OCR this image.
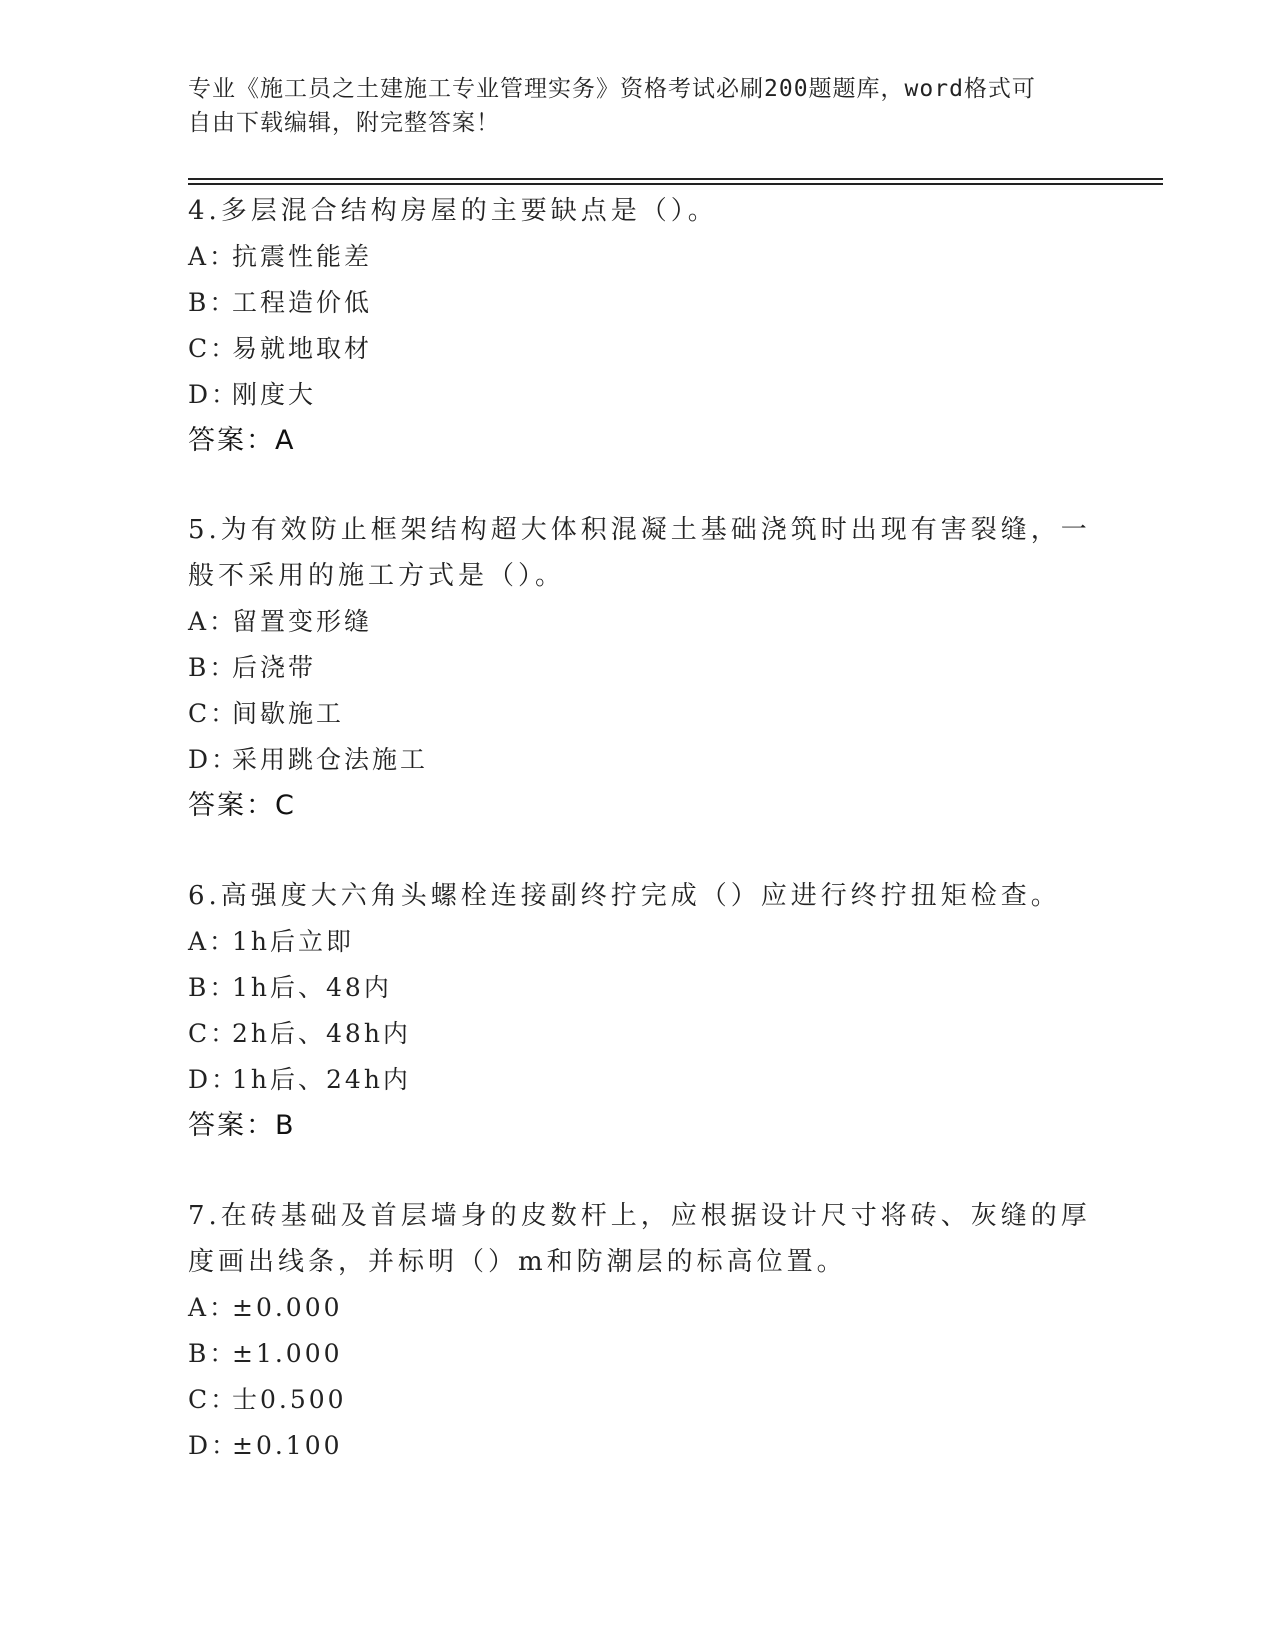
专业《施工员之土建施工专业管理实务》资格考试必刷200题题库，word格式可
自由下载编辑，附完整答案！

4.多层混合结构房屋的主要缺点是（）。

A：抗震性能差

B：工程造价低

C：易就地取材

D：刚度大

答案：A

5.为有效防止框架结构超大体积混凝土基础浇筑时出现有害裂缝，一

般不采用的施工方式是（）。

A：留置变形缝

B：后浇带

C：间歇施工

D：采用跳仓法施工

答案：C

6.高强度大六角头螺栓连接副终拧完成（）应进行终拧扭矩检查。

A：1h后立即

B：1h后、48内

C：2h后、48h内

D：1h后、24h内

答案：B

7.在砖基础及首层墙身的皮数杆上，应根据设计尺寸将砖、灰缝的厚

度画出线条，并标明（）m和防潮层的标高位置。

A：±0.000

B：±1.000

C：士0.500

D：±0.100
